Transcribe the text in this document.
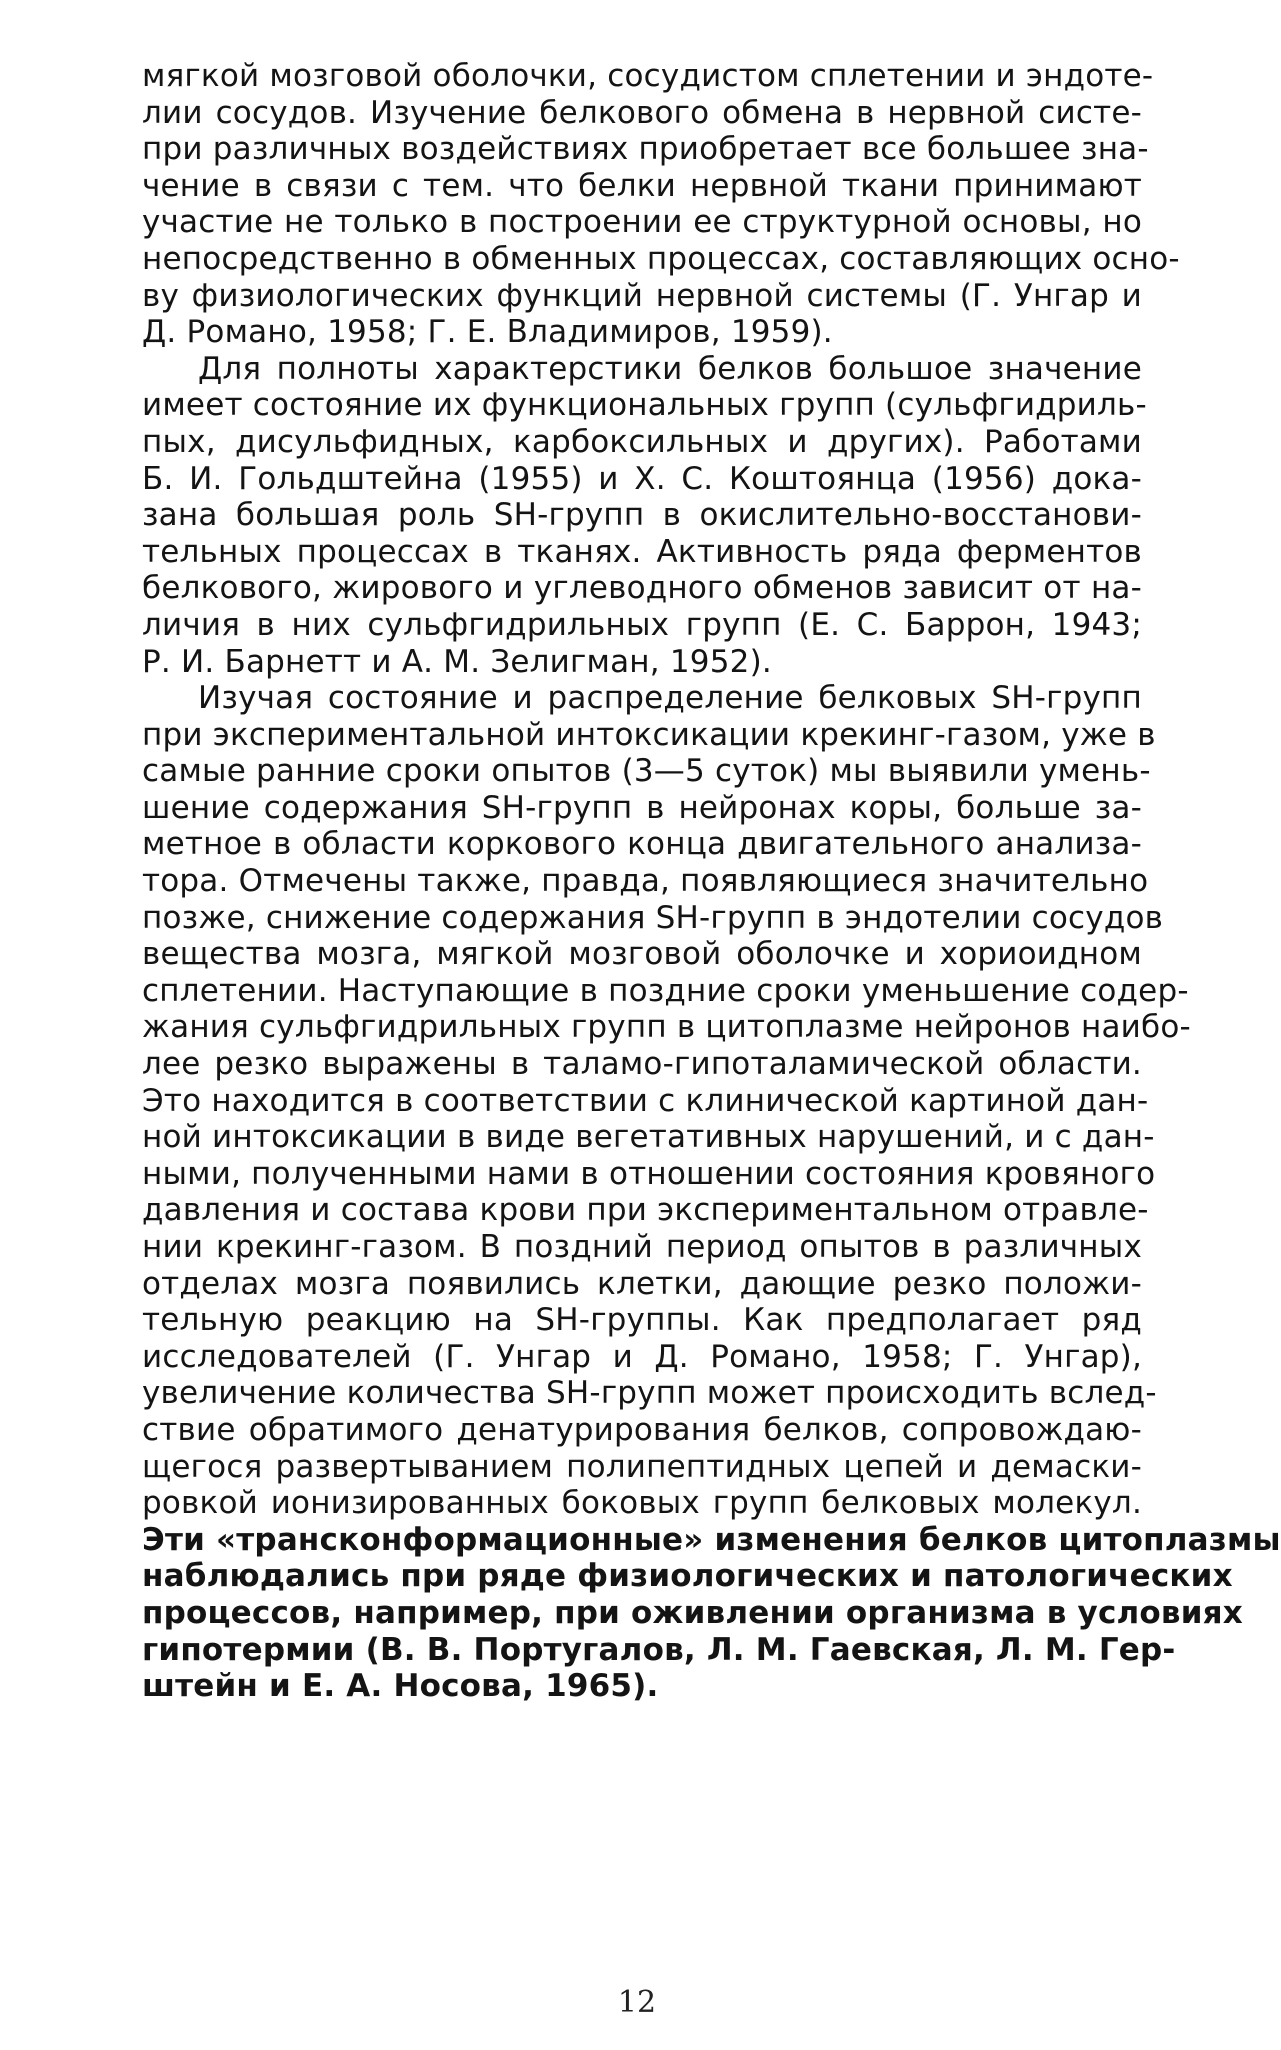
мягкой мозговой оболочки, сосудистом сплетении и эндоте-
лии сосудов. Изучение белкового обмена в нервной систе-
при различных воздействиях приобретает все большее зна-
чение в связи с тем. что белки нервной ткани принимают
участие не только в построении ее структурной основы, но
непосредственно в обменных процессах, составляющих осно-
ву физиологических функций нервной системы (Г. Унгар и
Д. Романо, 1958; Г. Е. Владимиров, 1959).
Для полноты характерстики белков большое значение
имеет состояние их функциональных групп (сульфгидриль-
пых, дисульфидных, карбоксильных и других). Работами
Б. И. Гольдштейна (1955) и Х. С. Коштоянца (1956) дока-
зана большая роль SH-групп в окислительно-восстанови-
тельных процессах в тканях. Активность ряда ферментов
белкового, жирового и углеводного обменов зависит от на-
личия в них сульфгидрильных групп (Е. С. Баррон, 1943;
Р. И. Барнетт и А. М. Зелигман, 1952).
Изучая состояние и распределение белковых SH-групп
при экспериментальной интоксикации крекинг-газом, уже в
самые ранние сроки опытов (3—5 суток) мы выявили умень-
шение содержания SH-групп в нейронах коры, больше за-
метное в области коркового конца двигательного анализа-
тора. Отмечены также, правда, появляющиеся значительно
позже, снижение содержания SH-групп в эндотелии сосудов
вещества мозга, мягкой мозговой оболочке и хориоидном
сплетении. Наступающие в поздние сроки уменьшение содер-
жания сульфгидрильных групп в цитоплазме нейронов наибо-
лее резко выражены в таламо-гипоталамической области.
Это находится в соответствии с клинической картиной дан-
ной интоксикации в виде вегетативных нарушений, и с дан-
ными, полученными нами в отношении состояния кровяного
давления и состава крови при экспериментальном отравле-
нии крекинг-газом. В поздний период опытов в различных
отделах мозга появились клетки, дающие резко положи-
тельную реакцию на SH-группы. Как предполагает ряд
исследователей (Г. Унгар и Д. Романо, 1958; Г. Унгар),
увеличение количества SH-групп может происходить вслед-
ствие обратимого денатурирования белков, сопровождаю-
щегося развертыванием полипептидных цепей и демаски-
ровкой ионизированных боковых групп белковых молекул.
Эти «трансконформационные» изменения белков цитоплазмы
наблюдались при ряде физиологических и патологических
процессов, например, при оживлении организма в условиях
гипотермии (В. В. Португалов, Л. М. Гаевская, Л. М. Гер-
штейн и Е. А. Носова, 1965).
12
